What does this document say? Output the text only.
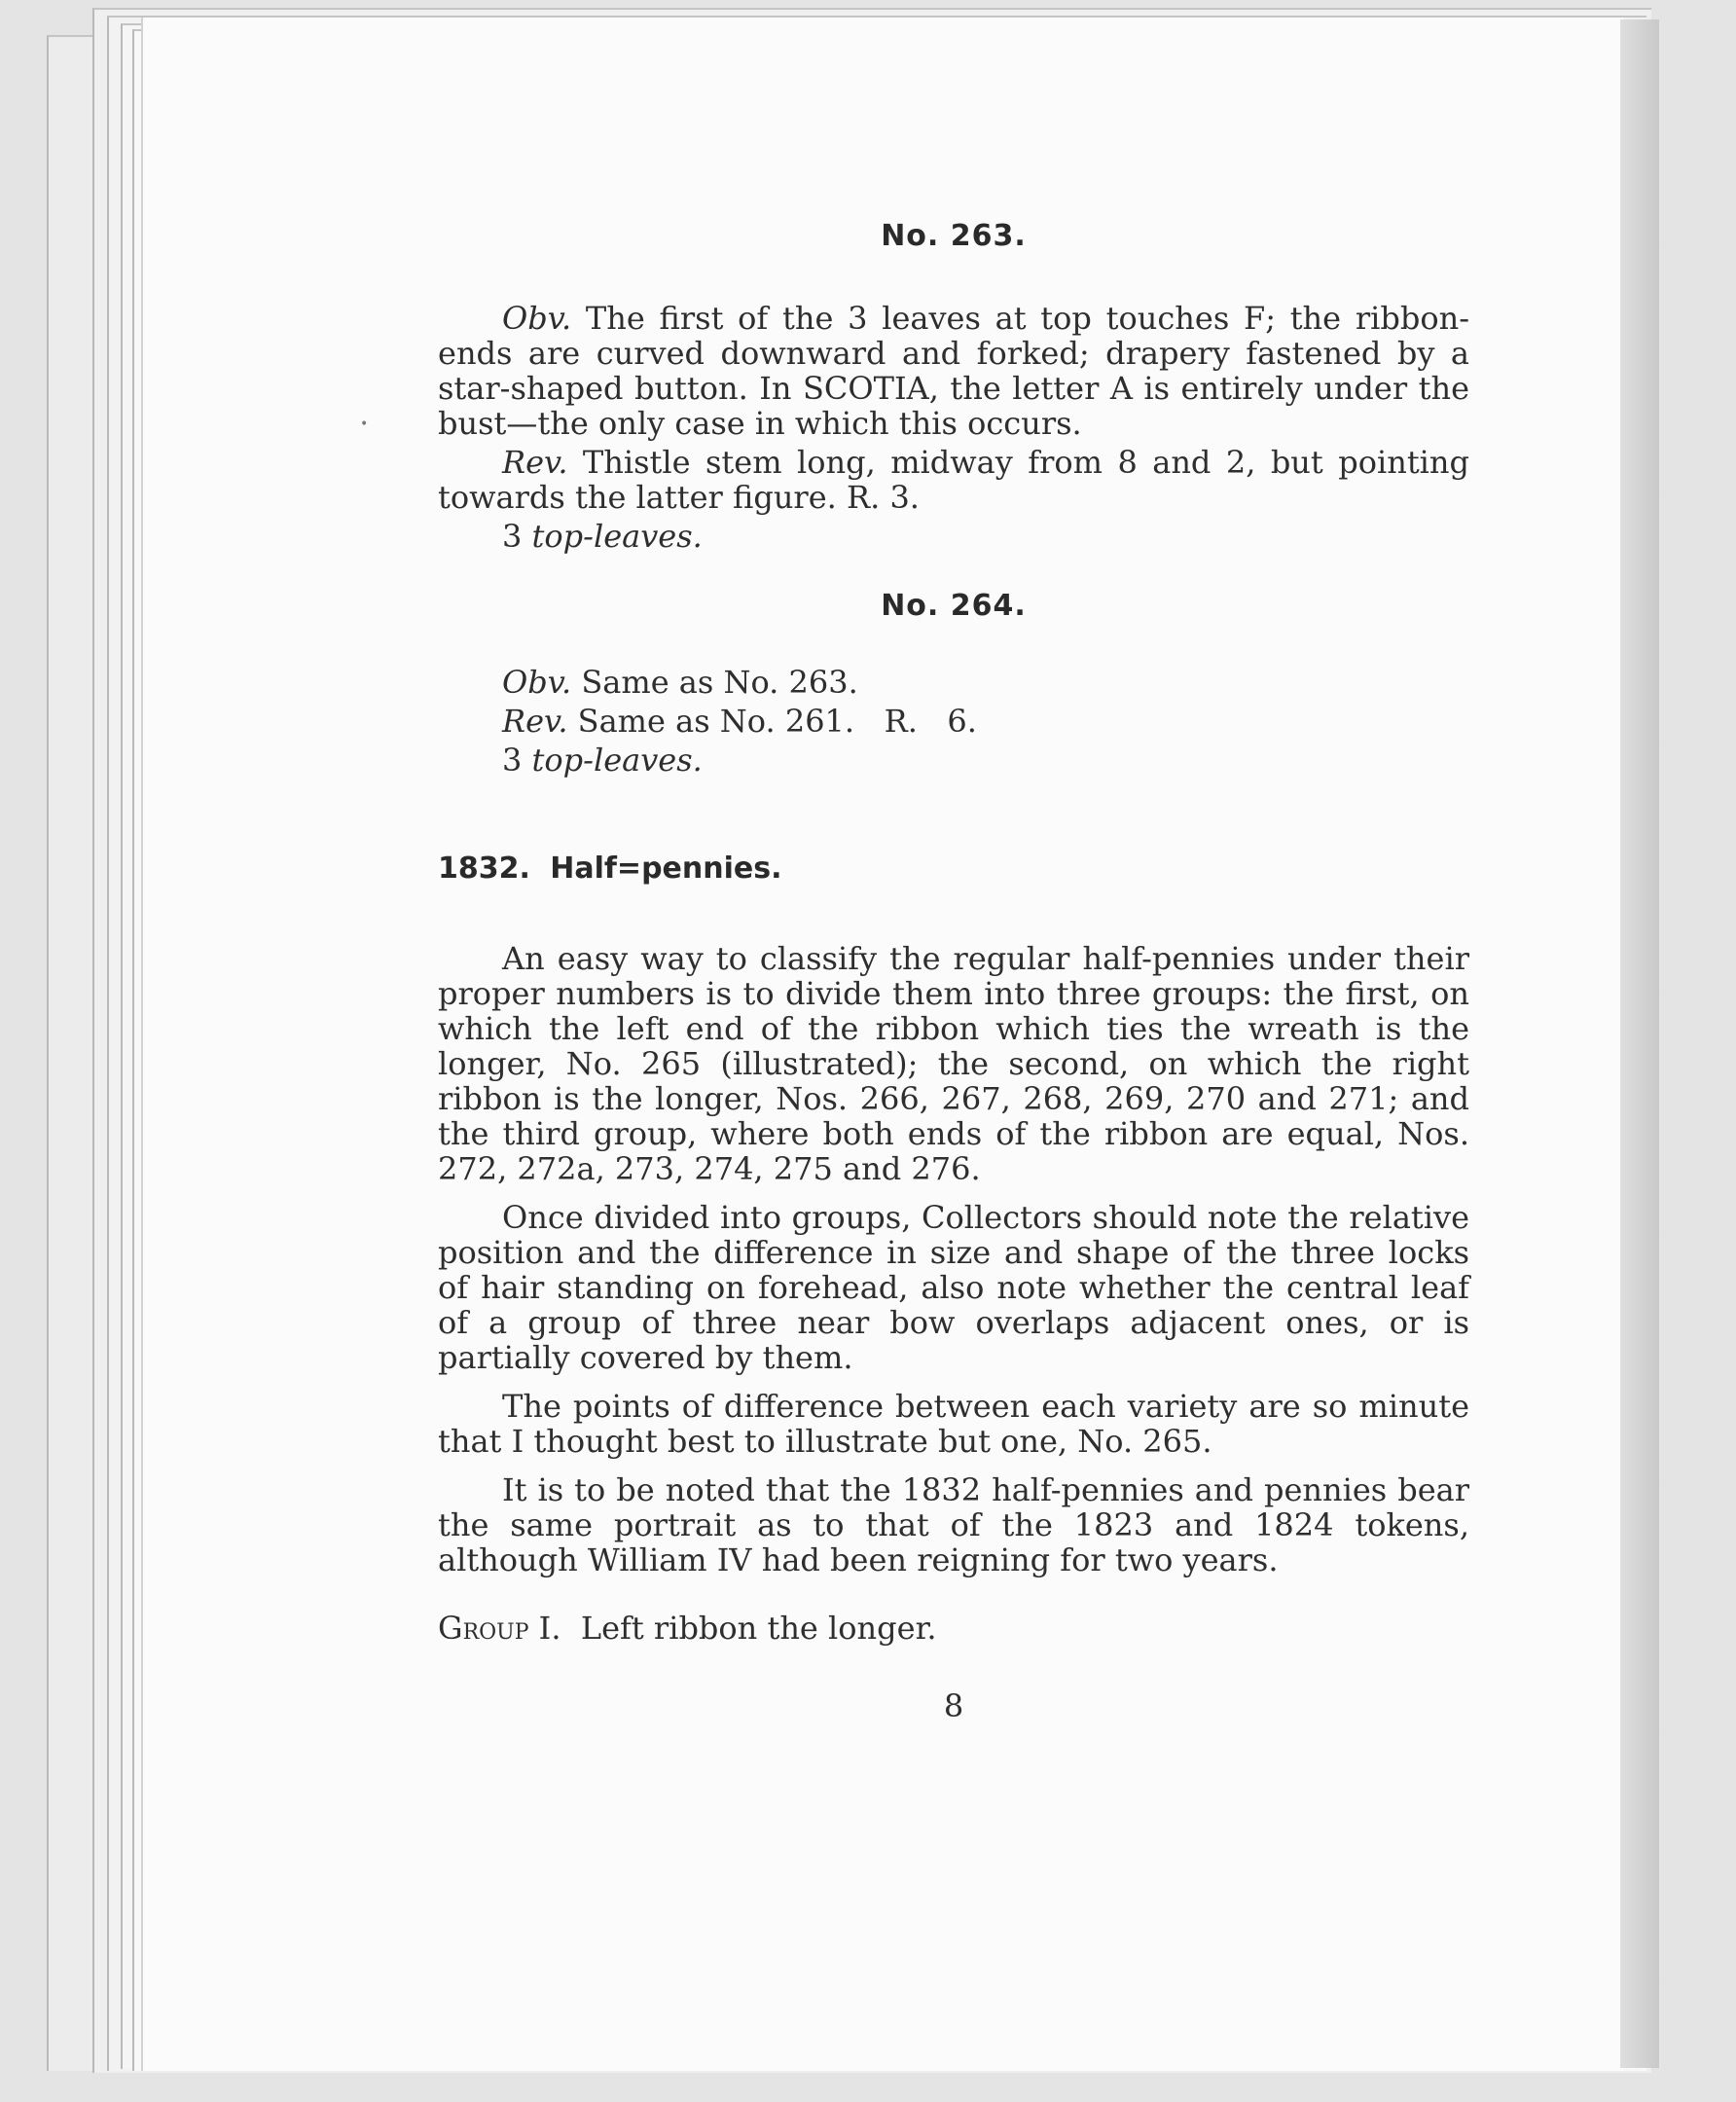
•
No. 263.

Obv. The first of the 3 leaves at top touches F; the ribbon-ends are curved downward and forked; drapery fastened by a star-shaped button. In SCOTIA, the letter A is entirely under the bust—the only case in which this occurs.

Rev. Thistle stem long, midway from 8 and 2, but pointing towards the latter figure. R. 3.

3 top-leaves.

No. 264.

Obv. Same as No. 263.

Rev. Same as No. 261.   R.   6.

3 top-leaves.

1832. Half=pennies.

An easy way to classify the regular half-pennies under their proper numbers is to divide them into three groups: the first, on which the left end of the ribbon which ties the wreath is the longer, No. 265 (illustrated); the second, on which the right ribbon is the longer, Nos. 266, 267, 268, 269, 270 and 271; and the third group, where both ends of the ribbon are equal, Nos. 272, 272a, 273, 274, 275 and 276.

Once divided into groups, Collectors should note the relative position and the difference in size and shape of the three locks of hair standing on forehead, also note whether the central leaf of a group of three near bow overlaps adjacent ones, or is partially covered by them.

The points of difference between each variety are so minute that I thought best to illustrate but one, No. 265.

It is to be noted that the 1832 half-pennies and pennies bear the same portrait as to that of the 1823 and 1824 tokens, although William IV had been reigning for two years.

Group I.  Left ribbon the longer.

8
